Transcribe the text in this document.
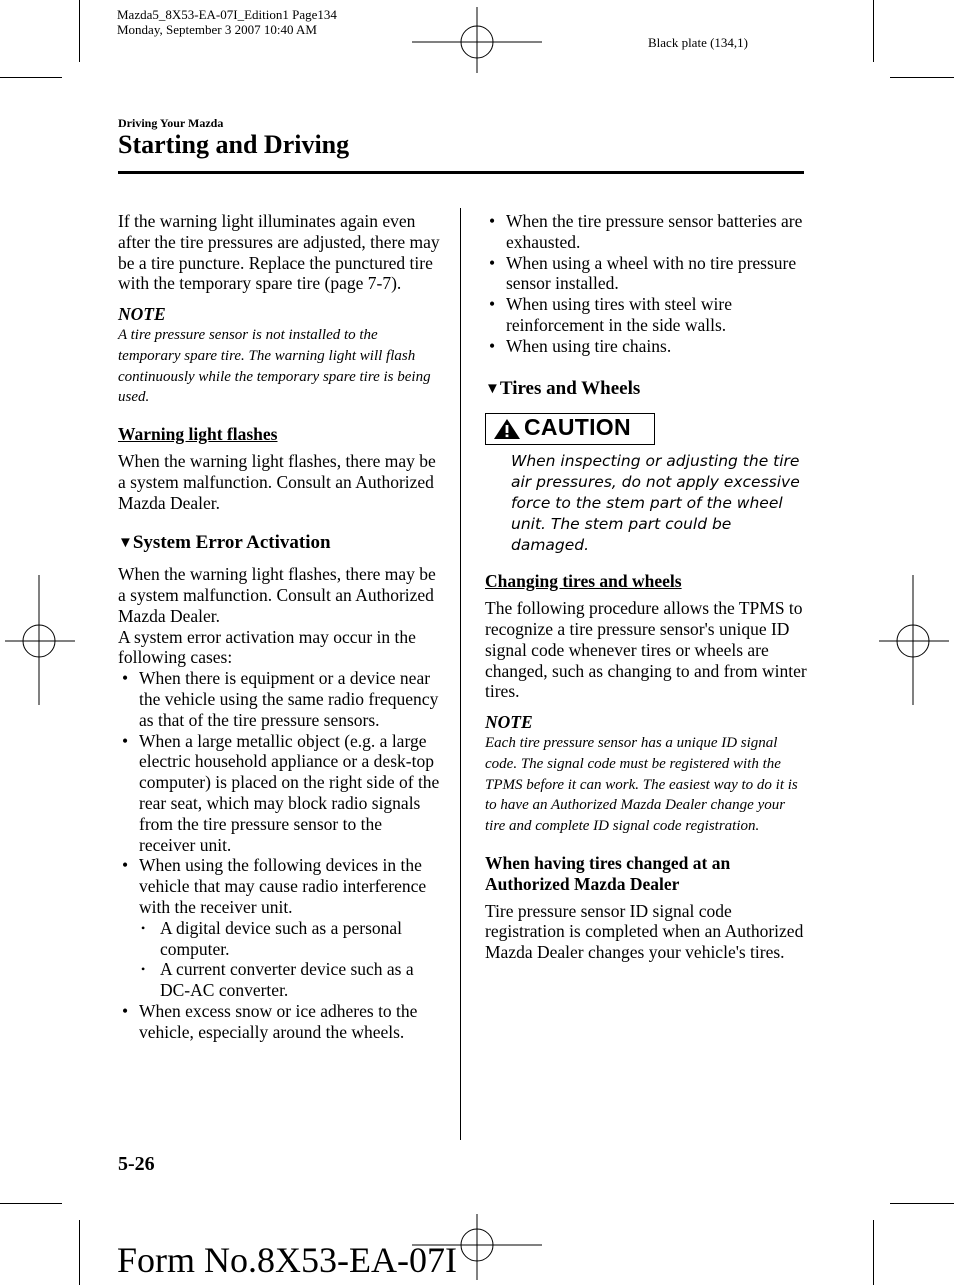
Mazda5_8X53-EA-07I_Edition1 Page134
Monday, September 3 2007 10:40 AM
Black plate (134,1)
Driving Your Mazda
Starting and Driving

If the warning light illuminates again even after the tire pressures are adjusted, there may be a tire puncture. Replace the punctured tire with the temporary spare tire (page 7-7).

NOTE

A tire pressure sensor is not installed to the temporary spare tire. The warning light will flash continuously while the temporary spare tire is being used.

Warning light flashes

When the warning light flashes, there may be a system malfunction. Consult an Authorized Mazda Dealer.

▼System Error Activation

When the warning light flashes, there may be a system malfunction. Consult an Authorized Mazda Dealer.

A system error activation may occur in the following cases:

• When there is equipment or a device near the vehicle using the same radio frequency as that of the tire pressure sensors.
• When a large metallic object (e.g. a large electric household appliance or a desk-top computer) is placed on the right side of the rear seat, which may block radio signals from the tire pressure sensor to the receiver unit.
• When using the following devices in the vehicle that may cause radio interference with the receiver unit.
• A digital device such as a personal computer.
• A current converter device such as a DC-AC converter.
• When excess snow or ice adheres to the vehicle, especially around the wheels.
• When the tire pressure sensor batteries are exhausted.
• When using a wheel with no tire pressure sensor installed.
• When using tires with steel wire reinforcement in the side walls.
• When using tire chains.

▼Tires and Wheels

CAUTION

When inspecting or adjusting the tire air pressures, do not apply excessive force to the stem part of the wheel unit. The stem part could be damaged.

Changing tires and wheels

The following procedure allows the TPMS to recognize a tire pressure sensor's unique ID signal code whenever tires or wheels are changed, such as changing to and from winter tires.

NOTE

Each tire pressure sensor has a unique ID signal code. The signal code must be registered with the TPMS before it can work. The easiest way to do it is to have an Authorized Mazda Dealer change your tire and complete ID signal code registration.

When having tires changed at an Authorized Mazda Dealer

Tire pressure sensor ID signal code registration is completed when an Authorized Mazda Dealer changes your vehicle's tires.

5-26
Form No.8X53-EA-07I
